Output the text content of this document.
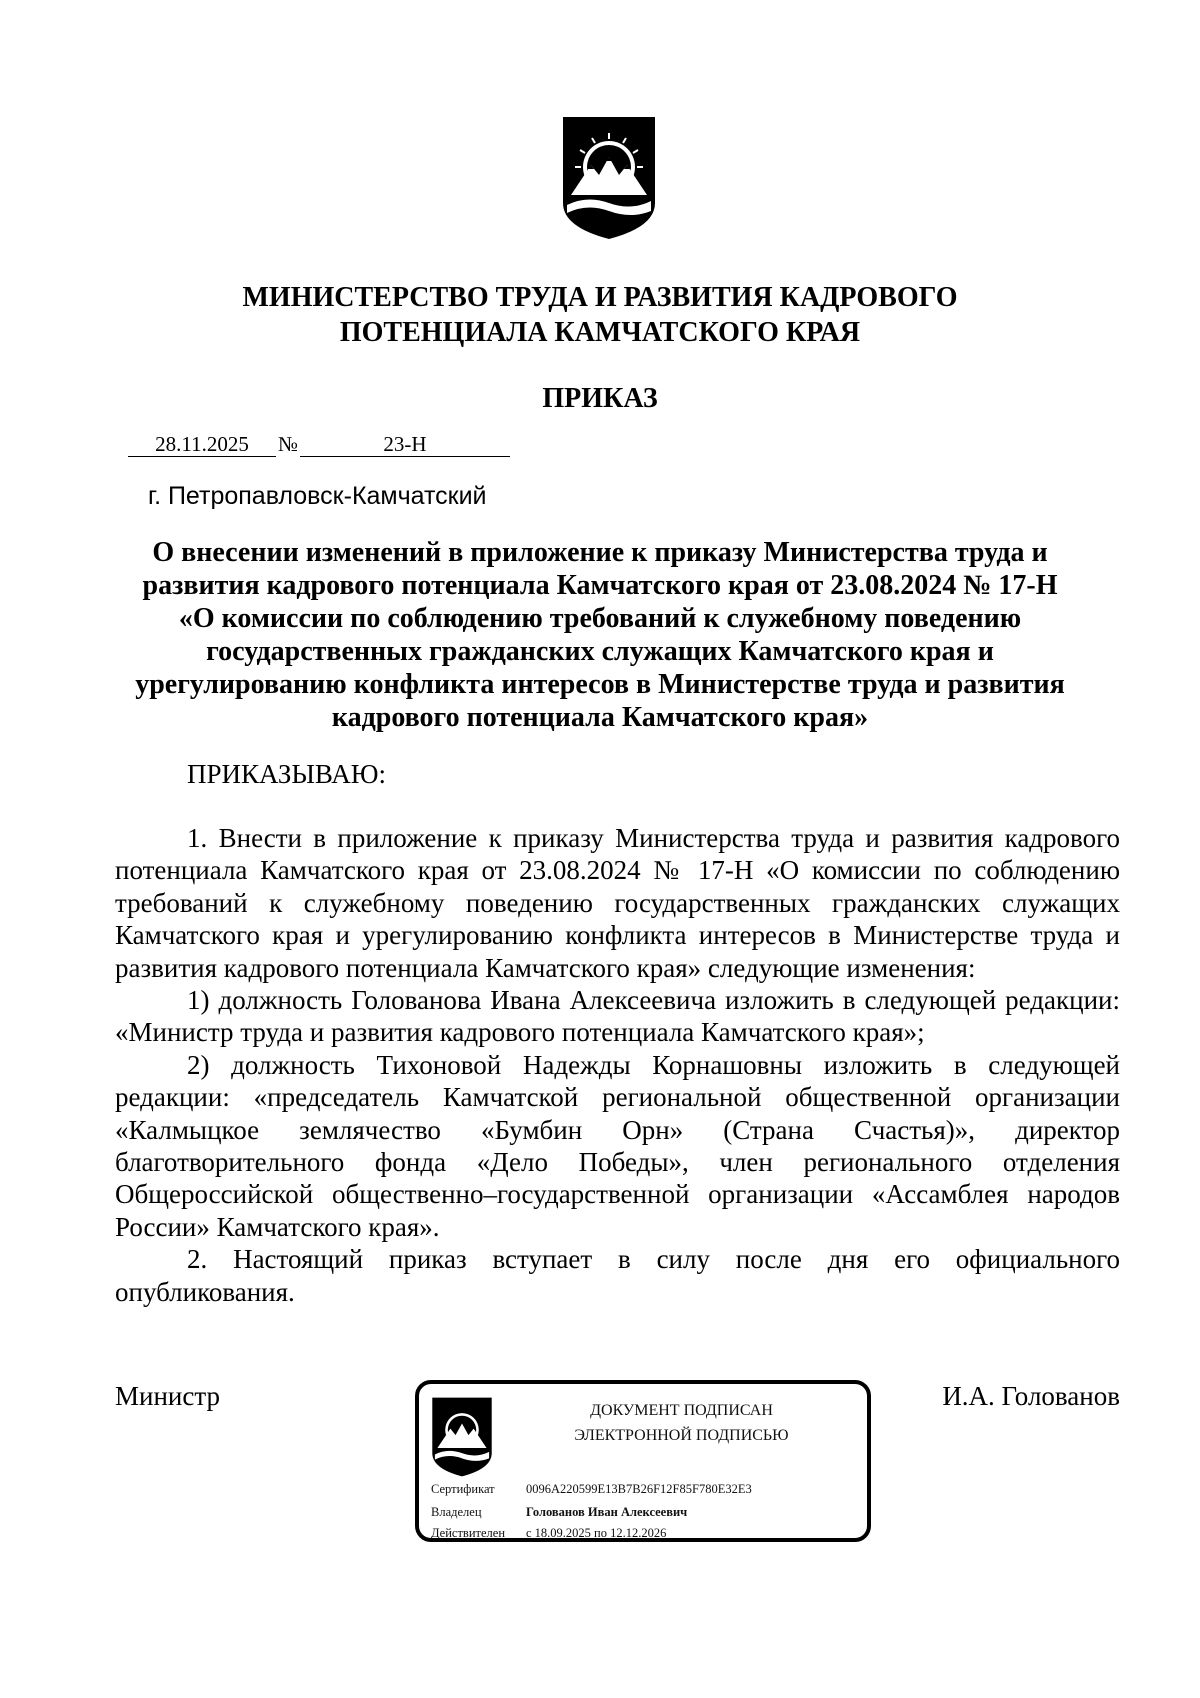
МИНИСТЕРСТВО ТРУДА И РАЗВИТИЯ КАДРОВОГО
ПОТЕНЦИАЛА КАМЧАТСКОГО КРАЯ
ПРИКАЗ
28.11.2025	№	23-Н
г. Петропавловск-Камчатский
О внесении изменений в приложение к приказу Министерства труда и
развития кадрового потенциала Камчатского края от 23.08.2024 № 17-Н
«О комиссии по соблюдению требований к служебному поведению
государственных гражданских служащих Камчатского края и
урегулированию конфликта интересов в Министерстве труда и развития
кадрового потенциала Камчатского края»
ПРИКАЗЫВАЮ:

1. Внести в приложение к приказу Министерства труда и развития кадрового потенциала Камчатского края от 23.08.2024 № 17-Н «О комиссии по соблюдению требований к служебному поведению государственных гражданских служащих Камчатского края и урегулированию конфликта интересов в Министерстве труда и развития кадрового потенциала Камчатского края» следующие изменения:

1) должность Голованова Ивана Алексеевича изложить в следующей редакции: «Министр труда и развития кадрового потенциала Камчатского края»;

2) должность Тихоновой Надежды Корнашовны изложить в следующей редакции: «председатель Камчатской региональной общественной организации «Калмыцкое землячество «Бумбин Орн» (Страна Счастья)», директор благотворительного фонда «Дело Победы», член регионального отделения Общероссийской общественно–государственной организации «Ассамблея народов России» Камчатского края».

2. Настоящий приказ вступает в силу после дня его официального опубликования.

Министр	И.А. Голованов
ДОКУМЕНТ ПОДПИСАН
ЭЛЕКТРОННОЙ ПОДПИСЬЮ
Сертификат	0096A220599E13B7B26F12F85F780E32E3
Владелец	Голованов Иван Алексеевич
Действителен с 18.09.2025 по 12.12.2026
